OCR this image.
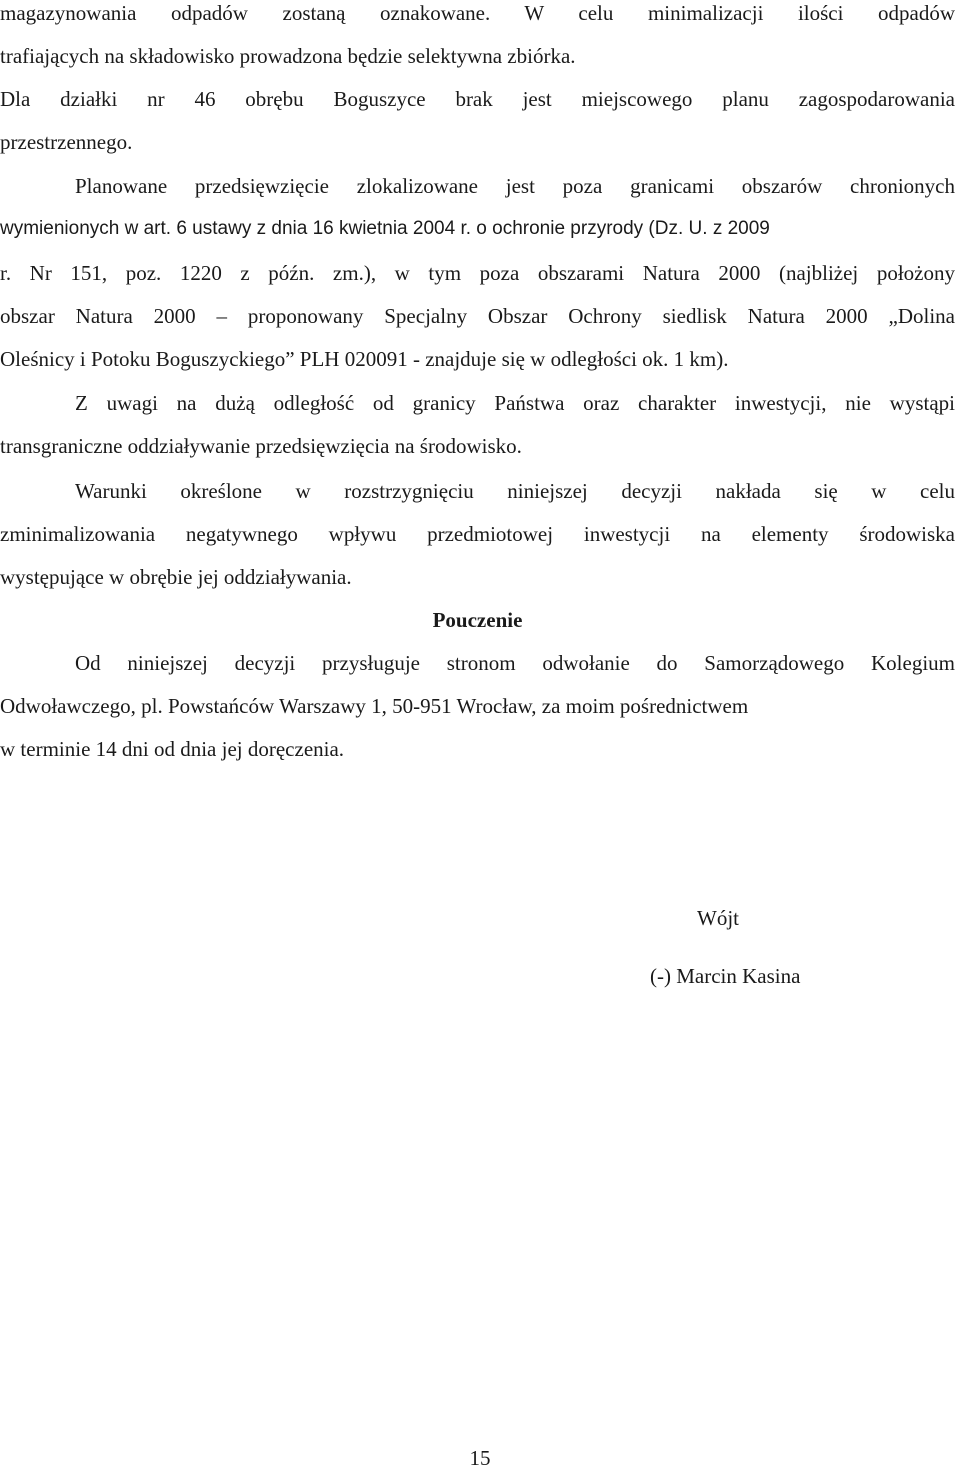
magazynowania odpadów zostaną oznakowane. W celu minimalizacji ilości odpadów
trafiających na składowisko prowadzona będzie selektywna zbiórka.
Dla działki nr 46 obrębu Boguszyce brak jest miejscowego planu zagospodarowania
przestrzennego.
Planowane przedsięwzięcie zlokalizowane jest poza granicami obszarów chronionych
wymienionych w art. 6 ustawy z dnia 16 kwietnia 2004 r. o ochronie przyrody (Dz. U. z 2009
r. Nr 151, poz. 1220 z późn. zm.), w tym poza obszarami Natura 2000 (najbliżej położony
obszar Natura 2000 – proponowany Specjalny Obszar Ochrony siedlisk Natura 2000 „Dolina
Oleśnicy i Potoku Boguszyckiego” PLH 020091 - znajduje się w odległości ok. 1 km).
Z uwagi na dużą odległość od granicy Państwa oraz charakter inwestycji, nie wystąpi
transgraniczne oddziaływanie przedsięwzięcia na środowisko.
Warunki określone w rozstrzygnięciu niniejszej decyzji nakłada się w celu
zminimalizowania negatywnego wpływu przedmiotowej inwestycji na elementy środowiska
występujące w obrębie jej oddziaływania.
Pouczenie
Od niniejszej decyzji przysługuje stronom odwołanie do Samorządowego Kolegium
Odwoławczego, pl. Powstańców Warszawy 1, 50-951 Wrocław, za moim pośrednictwem
w terminie 14 dni od dnia jej doręczenia.
Wójt
(-) Marcin Kasina
15
